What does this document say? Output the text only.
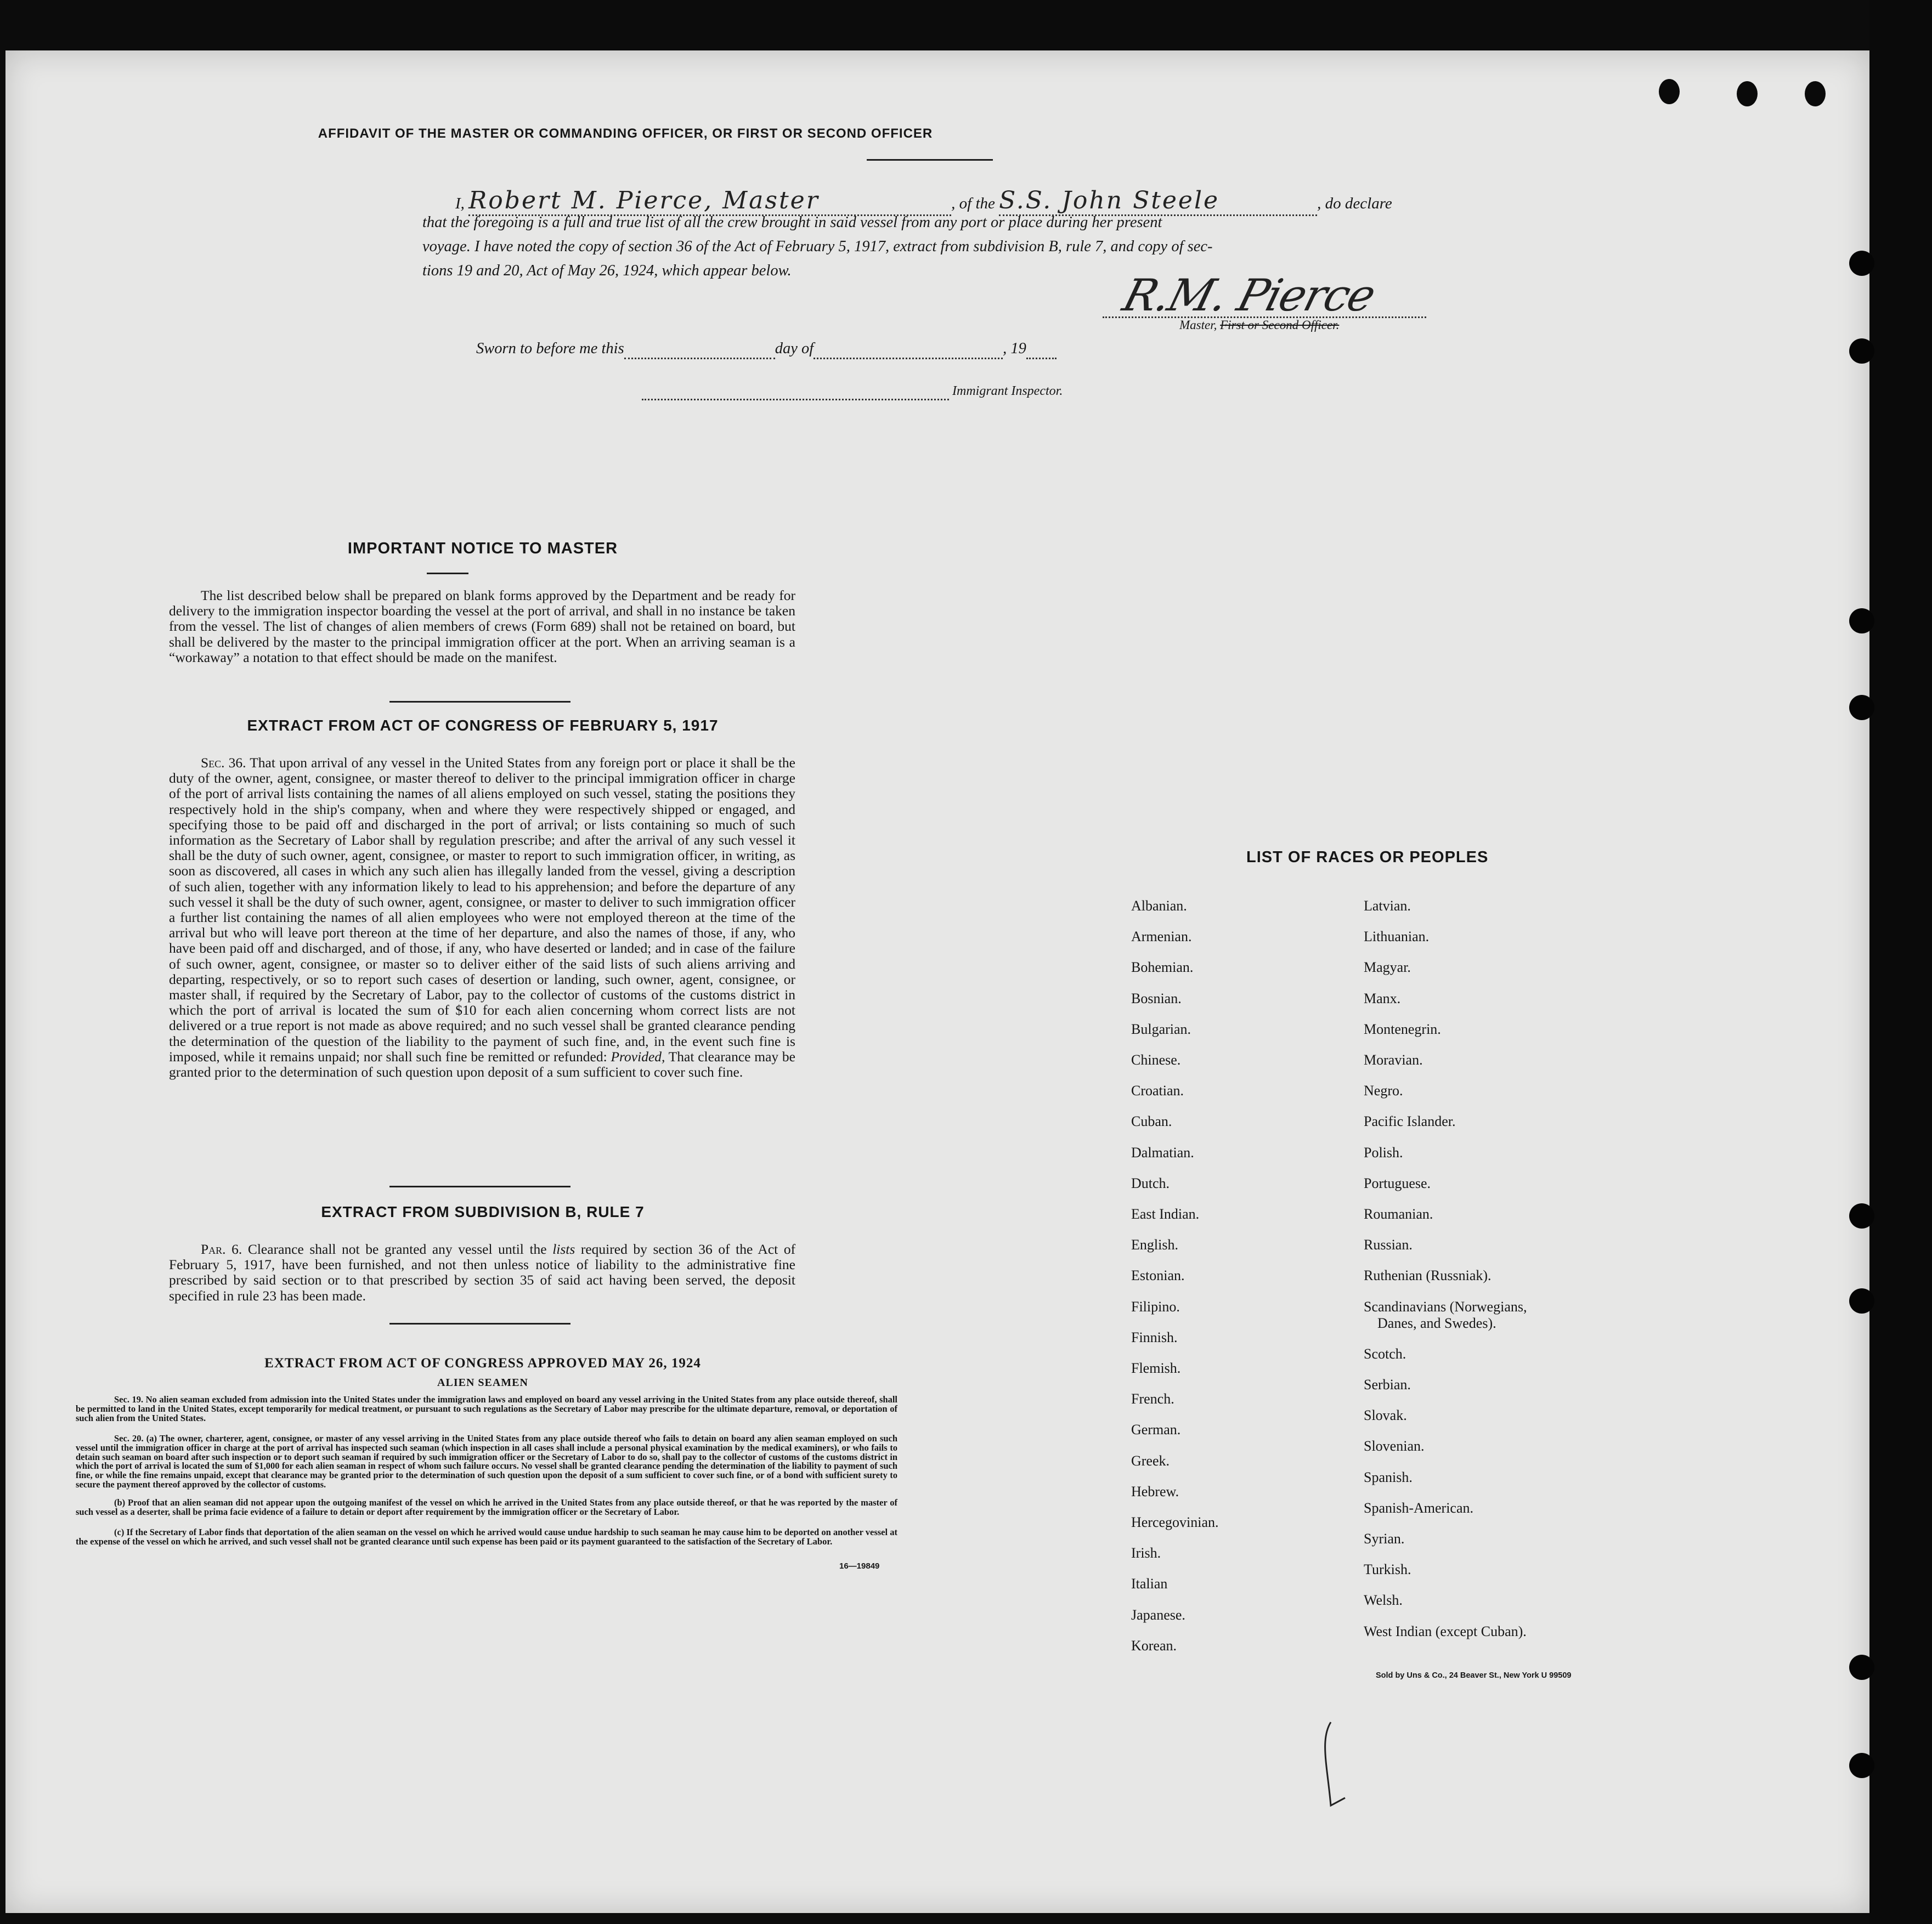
AFFIDAVIT OF THE MASTER OR COMMANDING OFFICER, OR FIRST OR SECOND OFFICER
I, Robert M. Pierce, Master	, of the S.S. John Steele	, do declare
that the foregoing is a full and true list of all the crew brought in said vessel from any port or place during her present
voyage. I have noted the copy of section 36 of the Act of February 5, 1917, extract from subdivision B, rule 7, and copy of sec-
tions 19 and 20, Act of May 26, 1924, which appear below.	R.M. Pierce
Master, First or Second Officer.
Sworn to before me this	day of	, 19
Immigrant Inspector.
IMPORTANT NOTICE TO MASTER
The list described below shall be prepared on blank forms approved by the Department and be ready for delivery to the immigration inspector boarding the vessel at the port of arrival, and shall in no instance be taken from the vessel. The list of changes of alien members of crews (Form 689) shall not be retained on board, but shall be delivered by the master to the principal immigration officer at the port. When an arriving seaman is a “workaway” a notation to that effect should be made on the manifest.
EXTRACT FROM ACT OF CONGRESS OF FEBRUARY 5, 1917
Sec. 36. That upon arrival of any vessel in the United States from any foreign port or place it shall be the duty of the owner, agent, consignee, or master thereof to deliver to the principal immigration officer in charge of the port of arrival lists containing the names of all aliens employed on such vessel, stating the positions they respectively hold in the ship's company, when and where they were respectively shipped or engaged, and specifying those to be paid off and discharged in the port of arrival; or lists containing so much of such information as the Secretary of Labor shall by regulation prescribe; and after the arrival of any such vessel it shall be the duty of such owner, agent, consignee, or master to report to such immigration officer, in writing, as soon as discovered, all cases in which any such alien has illegally landed from the vessel, giving a description of such alien, together with any information likely to lead to his apprehension; and before the departure of any such vessel it shall be the duty of such owner, agent, consignee, or master to deliver to such immigration officer a further list containing the names of all alien employees who were not employed thereon at the time of the arrival but who will leave port thereon at the time of her departure, and also the names of those, if any, who have been paid off and discharged, and of those, if any, who have deserted or landed; and in case of the failure of such owner, agent, consignee, or master so to deliver either of the said lists of such aliens arriving and departing, respectively, or so to report such cases of desertion or landing, such owner, agent, consignee, or master shall, if required by the Secretary of Labor, pay to the collector of customs of the customs district in which the port of arrival is located the sum of $10 for each alien concerning whom correct lists are not delivered or a true report is not made as above required; and no such vessel shall be granted clearance pending the determination of the question of the liability to the payment of such fine, and, in the event such fine is imposed, while it remains unpaid; nor shall such fine be remitted or refunded: Provided, That clearance may be granted prior to the determination of such question upon deposit of a sum sufficient to cover such fine.
EXTRACT FROM SUBDIVISION B, RULE 7
Par. 6. Clearance shall not be granted any vessel until the lists required by section 36 of the Act of February 5, 1917, have been furnished, and not then unless notice of liability to the administrative fine prescribed by said section or to that prescribed by section 35 of said act having been served, the deposit specified in rule 23 has been made.
EXTRACT FROM ACT OF CONGRESS APPROVED MAY 26, 1924
ALIEN SEAMEN
Sec. 19. No alien seaman excluded from admission into the United States under the immigration laws and employed on board any vessel arriving in the United States from any place outside thereof, shall be permitted to land in the United States, except temporarily for medical treatment, or pursuant to such regulations as the Secretary of Labor may prescribe for the ultimate departure, removal, or deportation of such alien from the United States.
Sec. 20. (a) The owner, charterer, agent, consignee, or master of any vessel arriving in the United States from any place outside thereof who fails to detain on board any alien seaman employed on such vessel until the immigration officer in charge at the port of arrival has inspected such seaman (which inspection in all cases shall include a personal physical examination by the medical examiners), or who fails to detain such seaman on board after such inspection or to deport such seaman if required by such immigration officer or the Secretary of Labor to do so, shall pay to the collector of customs of the customs district in which the port of arrival is located the sum of $1,000 for each alien seaman in respect of whom such failure occurs. No vessel shall be granted clearance pending the determination of the liability to payment of such fine, or while the fine remains unpaid, except that clearance may be granted prior to the determination of such question upon the deposit of a sum sufficient to cover such fine, or of a bond with sufficient surety to secure the payment thereof approved by the collector of customs.
(b) Proof that an alien seaman did not appear upon the outgoing manifest of the vessel on which he arrived in the United States from any place outside thereof, or that he was reported by the master of such vessel as a deserter, shall be prima facie evidence of a failure to detain or deport after requirement by the immigration officer or the Secretary of Labor.
(c) If the Secretary of Labor finds that deportation of the alien seaman on the vessel on which he arrived would cause undue hardship to such seaman he may cause him to be deported on another vessel at the expense of the vessel on which he arrived, and such vessel shall not be granted clearance until such expense has been paid or its payment guaranteed to the satisfaction of the Secretary of Labor.
16—19849
LIST OF RACES OR PEOPLES
Albanian.
Armenian.
Bohemian.
Bosnian.
Bulgarian.
Chinese.
Croatian.
Cuban.
Dalmatian.
Dutch.
East Indian.
English.
Estonian.
Filipino.
Finnish.
Flemish.
French.
German.
Greek.
Hebrew.
Hercegovinian.
Irish.
Italian
Japanese.
Korean.
Latvian.
Lithuanian.
Magyar.
Manx.
Montenegrin.
Moravian.
Negro.
Pacific Islander.
Polish.
Portuguese.
Roumanian.
Russian.
Ruthenian (Russniak).
Scandinavians (Norwegians,
Danes, and Swedes).
Scotch.
Serbian.
Slovak.
Slovenian.
Spanish.
Spanish-American.
Syrian.
Turkish.
Welsh.
West Indian (except Cuban).
Sold by Uns & Co., 24 Beaver St., New York U 99509
